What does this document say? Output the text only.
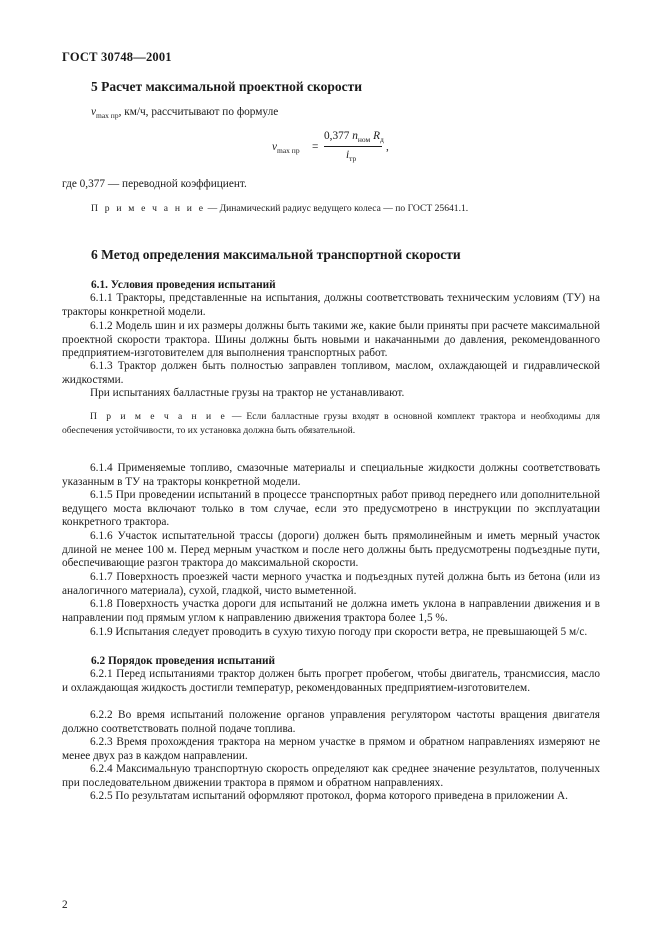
ГОСТ 30748—2001
5 Расчет максимальной проектной скорости

$v_{max пр}$, км/ч, рассчитывают по формуле

$v_{max пр}$ =
0,377 $n_{ном}$ $R_д$
$i_{тр}$
,

где 0,377 — переводной коэффициент.

П р и м е ч а н и е — Динамический радиус ведущего колеса — по ГОСТ 25641.1.

6 Метод определения максимальной транспортной скорости
6.1. Условия проведения испытаний

6.1.1 Тракторы, представленные на испытания, должны соответствовать техническим условиям (ТУ) на тракторы конкретной модели.

6.1.2 Модель шин и их размеры должны быть такими же, какие были приняты при расчете максимальной проектной скорости трактора. Шины должны быть новыми и накачанными до давления, рекомендованного предприятием-изготовителем для выполнения транспортных работ.

6.1.3 Трактор должен быть полностью заправлен топливом, маслом, охлаждающей и гидравлической жидкостями.

При испытаниях балластные грузы на трактор не устанавливают.

П р и м е ч а н и е — Если балластные грузы входят в основной комплект трактора и необходимы для обеспечения устойчивости, то их установка должна быть обязательной.

6.1.4 Применяемые топливо, смазочные материалы и специальные жидкости должны соответствовать указанным в ТУ на тракторы конкретной модели.

6.1.5 При проведении испытаний в процессе транспортных работ привод переднего или дополнительной ведущего моста включают только в том случае, если это предусмотрено в инструкции по эксплуатации конкретного трактора.

6.1.6 Участок испытательной трассы (дороги) должен быть прямолинейным и иметь мерный участок длиной не менее 100 м. Перед мерным участком и после него должны быть предусмотрены подъездные пути, обеспечивающие разгон трактора до максимальной скорости.

6.1.7 Поверхность проезжей части мерного участка и подъездных путей должна быть из бетона (или из аналогичного материала), сухой, гладкой, чисто выметенной.

6.1.8 Поверхность участка дороги для испытаний не должна иметь уклона в направлении движения и в направлении под прямым углом к направлению движения трактора более 1,5 %.

6.1.9 Испытания следует проводить в сухую тихую погоду при скорости ветра, не превышающей 5 м/с.

6.2 Порядок проведения испытаний

6.2.1 Перед испытаниями трактор должен быть прогрет пробегом, чтобы двигатель, трансмиссия, масло и охлаждающая жидкость достигли температур, рекомендованных предприятием-изготовителем.

6.2.2 Во время испытаний положение органов управления регулятором частоты вращения двигателя должно соответствовать полной подаче топлива.

6.2.3 Время прохождения трактора на мерном участке в прямом и обратном направлениях измеряют не менее двух раз в каждом направлении.

6.2.4 Максимальную транспортную скорость определяют как среднее значение результатов, полученных при последовательном движении трактора в прямом и обратном направлениях.

6.2.5 По результатам испытаний оформляют протокол, форма которого приведена в приложении А.

2
